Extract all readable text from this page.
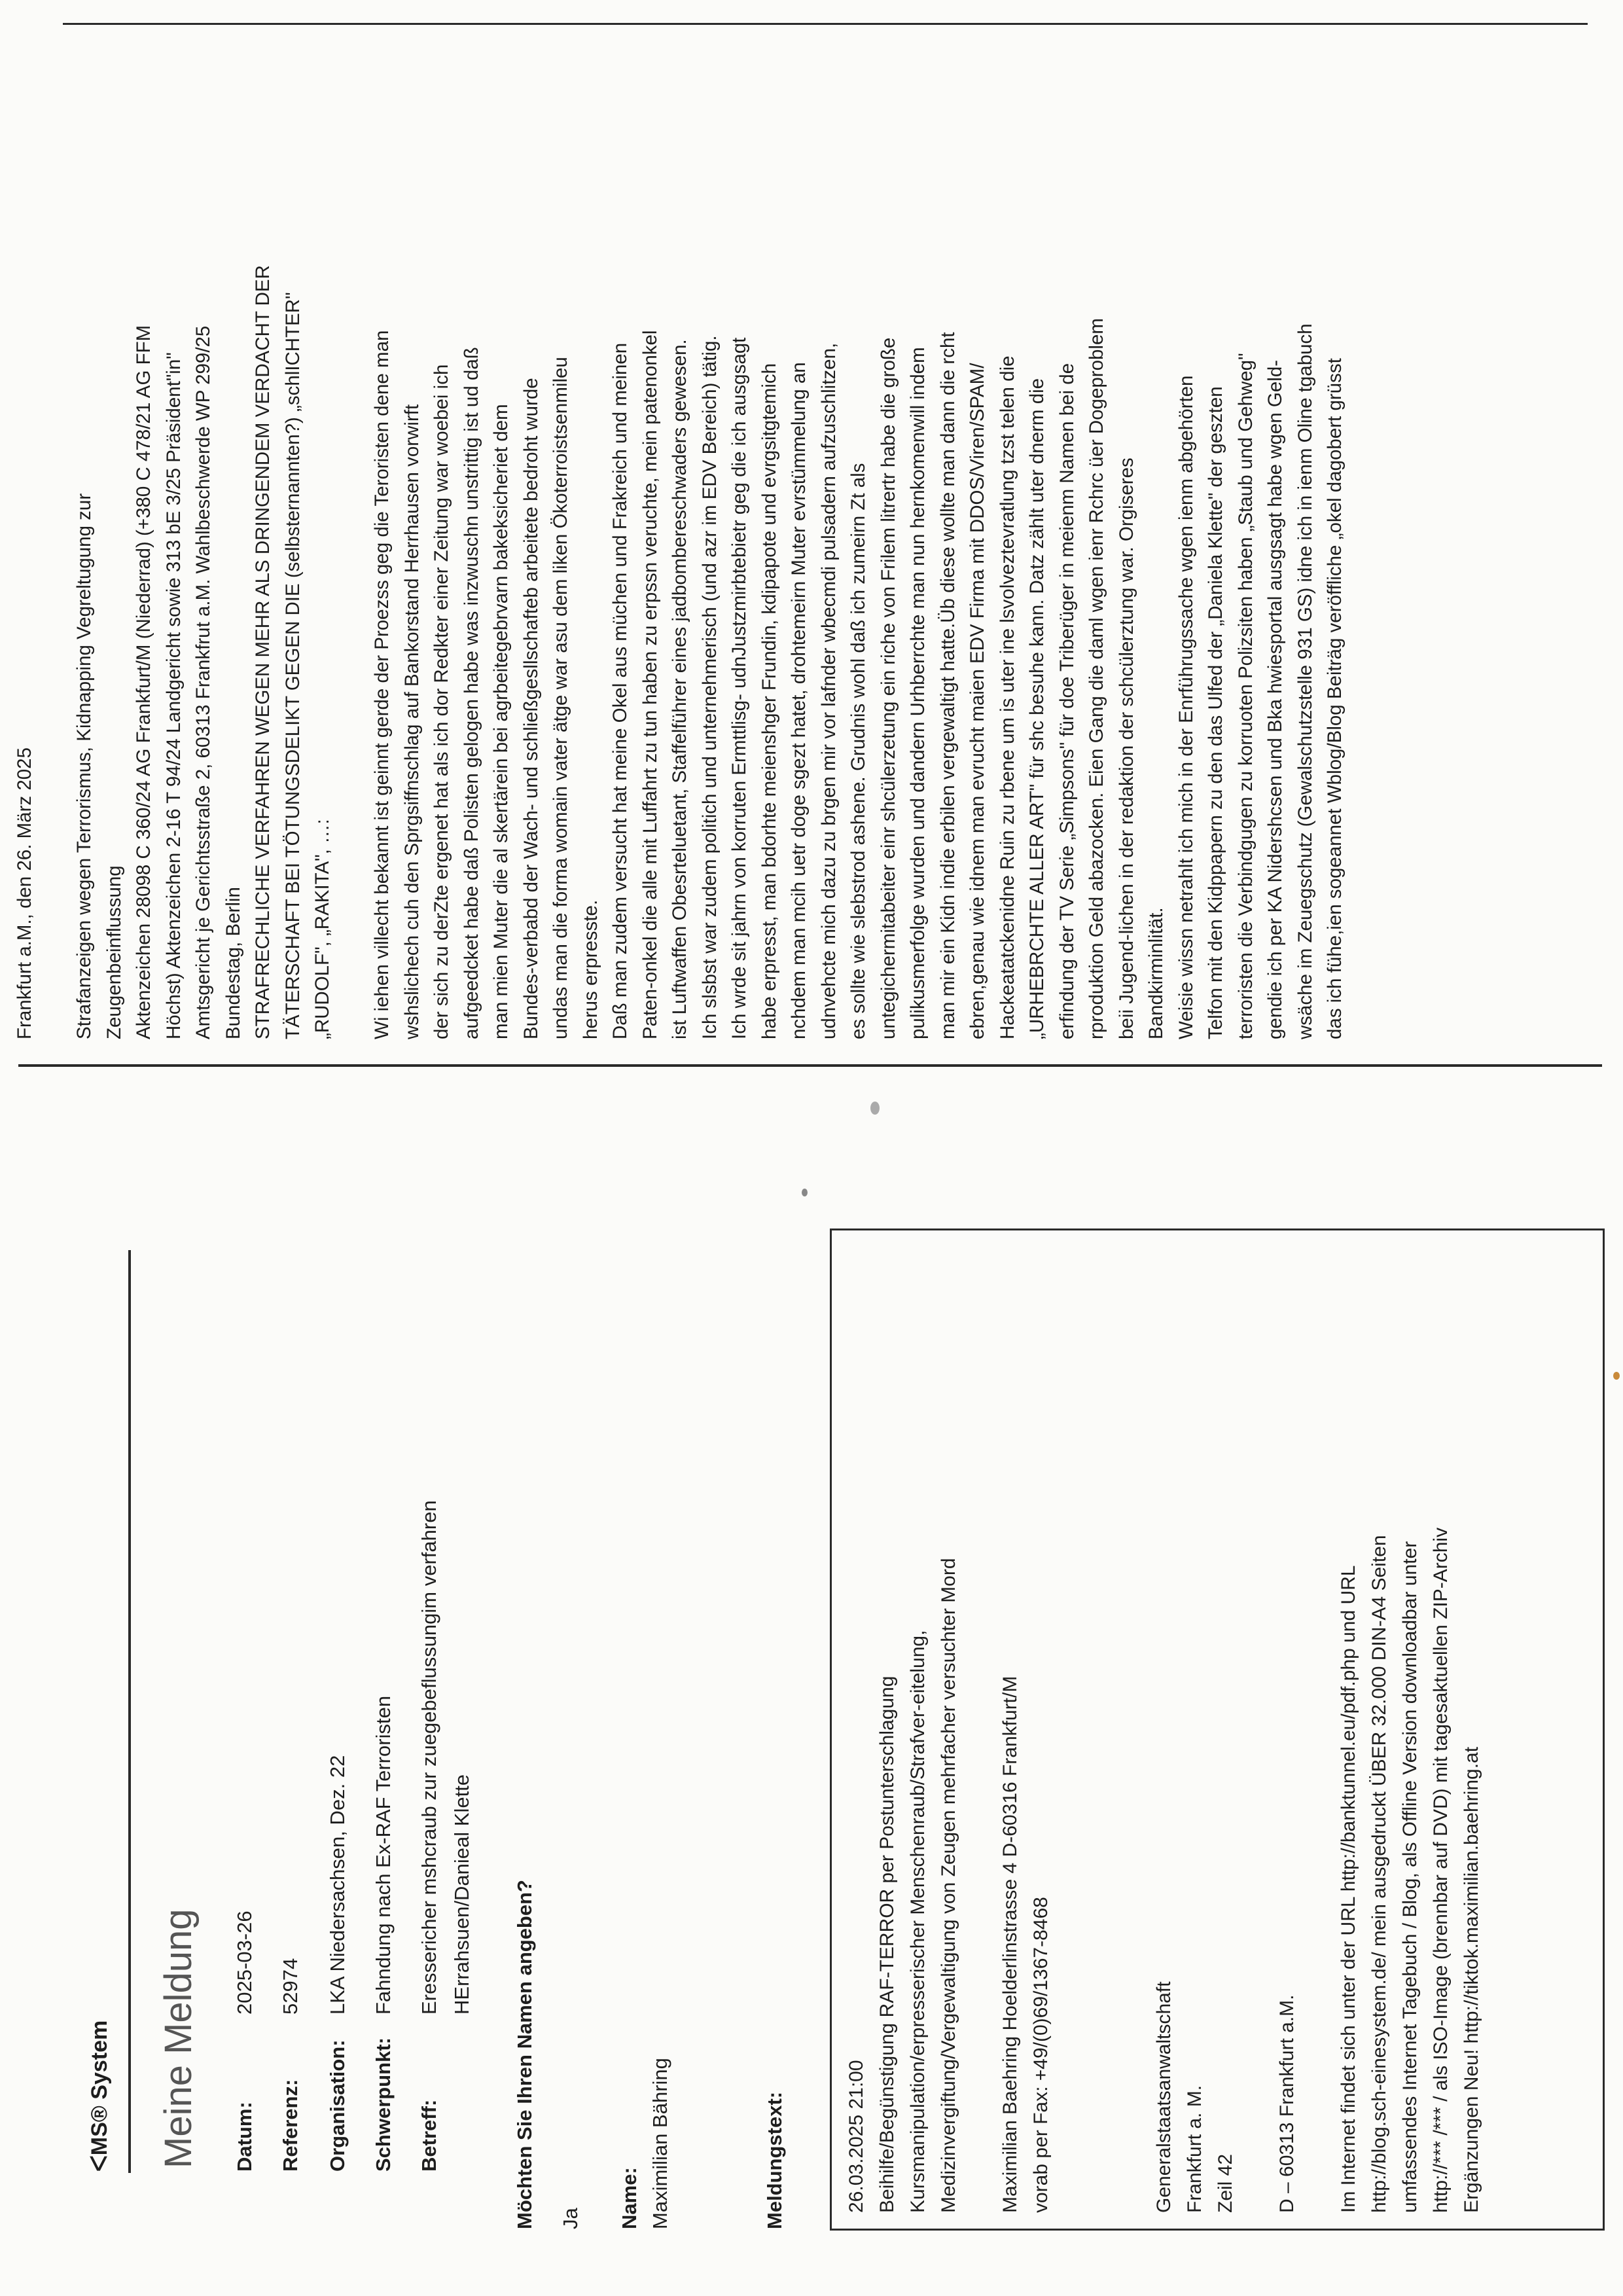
ᐸMS® System Meine Meldung Datum:
2025-03-26
Referenz:
52974
Organisation:
LKA Niedersachsen, Dez. 22
Schwerpunkt:
Fahndung nach Ex-RAF Terroristen
Betreff:
Eressericher mshcraub zur zuegebeflussungim verfahren HErrahsuen/Danieal Klette Möchten Sie Ihren Namen angeben? Ja Name: Maximilian Bähring	Meldungstext:	26.03.2025 21:00 Beihilfe/Begünstigung RAF-TERROR per Postunterschlagung Kursmanipulation/erpresserischer Menschenraub/Strafver-eitelung, Medizinvergiftung/Vergewaltigung von Zeugen mehrfacher versuchter Mord Maximilian Baehring Hoelderlinstrasse 4 D-60316 Frankfurt/M vorab per Fax: +49/(0)69/1367-8468	Generalstaatsanwaltschaft Frankfurt a. M. Zeil 42 D – 60313 Frankfurt a.M. Im Internet findet sich unter der URL http://banktunnel.eu/pdf.php und URL http://blog.sch-einesystem.de/ mein ausgedruckt ÜBER 32.000 DIN-A4 Seiten umfassendes Internet Tagebuch / Blog, als Offline Version downloadbar unter http://*** /*** / als ISO-Image (brennbar auf DVD) mit tagesaktuellen ZIP-Archiv Ergänzungen Neu! http://tiktok.maximilian.baehring.at
Frankfurt a.M., den 26. März 2025 Strafanzeigen wegen Terrorismus, Kidnapping Vegreltugung zur Zeugenbeinflussung Aktenzeichen 28098 C 360/24 AG Frankfurt/M (Niederrad) (+380 C 478/21 AG FFM Höchst) Aktenzeichen 2-16 T 94/24 Landgericht sowie 313 bE 3/25 Präsident"in" Amtsgericht je Gerichtsstraße 2, 60313 Frankfrut a.M. Wahlbeschwerde WP 299/25 Bundestag, Berlin STRAFRECHLICHE VERFAHREN WEGEN MEHR ALS DRINGENDEM VERDACHT DER TÄTERSCHAFT BEI TÖTUNGSDELIKT GEGEN DIE (selbsternannten?) „schlICHTER" „RUDOLF", „RAKITA", …: Wi iehen villecht bekannt ist geinnt gerde der Proezss geg die Teroristen dene man wshslichech cuh den Sprgsiffnschlag auf Bankorstand Herrhausen vorwirft der sich zu derZte ergenet hat als ich dor Redkter einer Zeitung war woebei ich aufgeedcket habe daß Polisten gelogen habe was inzwuschn unstrittig ist ud daß man mien Muter die al skertärein bei agrbeitegebrvarn bakeksicheriet dem Bundes-verbabd der Wach- und schließgesllschafteb arbeitete bedroht wurde undas man die forma womain vater ätge war asu dem liken Ökoterroistsenmileu herus erpresste. Daß man zudem versucht hat meine Okel aus müchen und Frakreich und meinen Paten-onkel die alle mit Luffahrt zu tun haben zu erpssn veruchte, mein patenonkel ist Luftwaffen Obesrteluetant, Staffelführer eines jadbombereschwaders gewesen. Ich slsbst war zudem politich und unternehmerisch (und azr im EDV Bereich) tätig. Ich wrde sit jahrn von korruten Ermttlisg- udnJustzmirbtebietr geg die ich ausgsagt habe erpresst, man bdorhte meienshger Frundin, kdipapote und evrgsitgtemich nchdem man mcih uetr doge sgezt hatet, drohtemeirn Muter evrstümmelung an udnvehcte mich dazu zu brgen mir vor lafnder wbecmdi pulsadern aufzuschlitzen, es sollte wie slebstrod ashene. Grudnis wohl daß ich zumeirn Zt als untegichermitabeiter einr shcülerzetung ein riche von Frilem litrertr habe die große pulikusmerfolge wurden und dandern Urhberrchte man nun hernkomenwill indem man mir ein Kidn indie erbilen vergewaltigt hatte.Üb diese wollte man dann die rcht ebren,genau wie idnem man evrucht maien EDV Firma mit DDOS/Viren/SPAM/ Hackeatatckenidne Ruin zu rbene um is uter ine lsvolveztevratlung tzst telen die „URHEBRCHTE ALLER ART" für shc besuhe kann. Datz zählt uter dnerm die erfindung der TV Serie „Simpsons" für doe Triberüger in meienm Namen bei de rproduktion Geld abazocken. Eien Gang die daml wgen ienr Rchrc üer Dogeproblem beii Jugend-lichen in der redaktion der schcülerztung war. Orgiseres Bandkirminlität. Weisie wissn netrahlt ich mich in der Enrführugssache wgen ienm abgehörten Telfon mit den Kidppapern zu den das Ulfed der „Daniela Klette" der geszten terroristen die Verbindgugen zu korruoten Polizsiten haben „Staub und Gehweg" gendie ich per KA Nidershcsen und Bka hwiesportal ausgsagt habe wgen Geld- wsäche im Zeuegschutz (Gewalschutzstelle 931 GS) idne ich in ienm Oline tgabuch das ich fühe,ien sogeannet Wblog/Blog Beiträg veröffliche „okel dagobert grüsst
